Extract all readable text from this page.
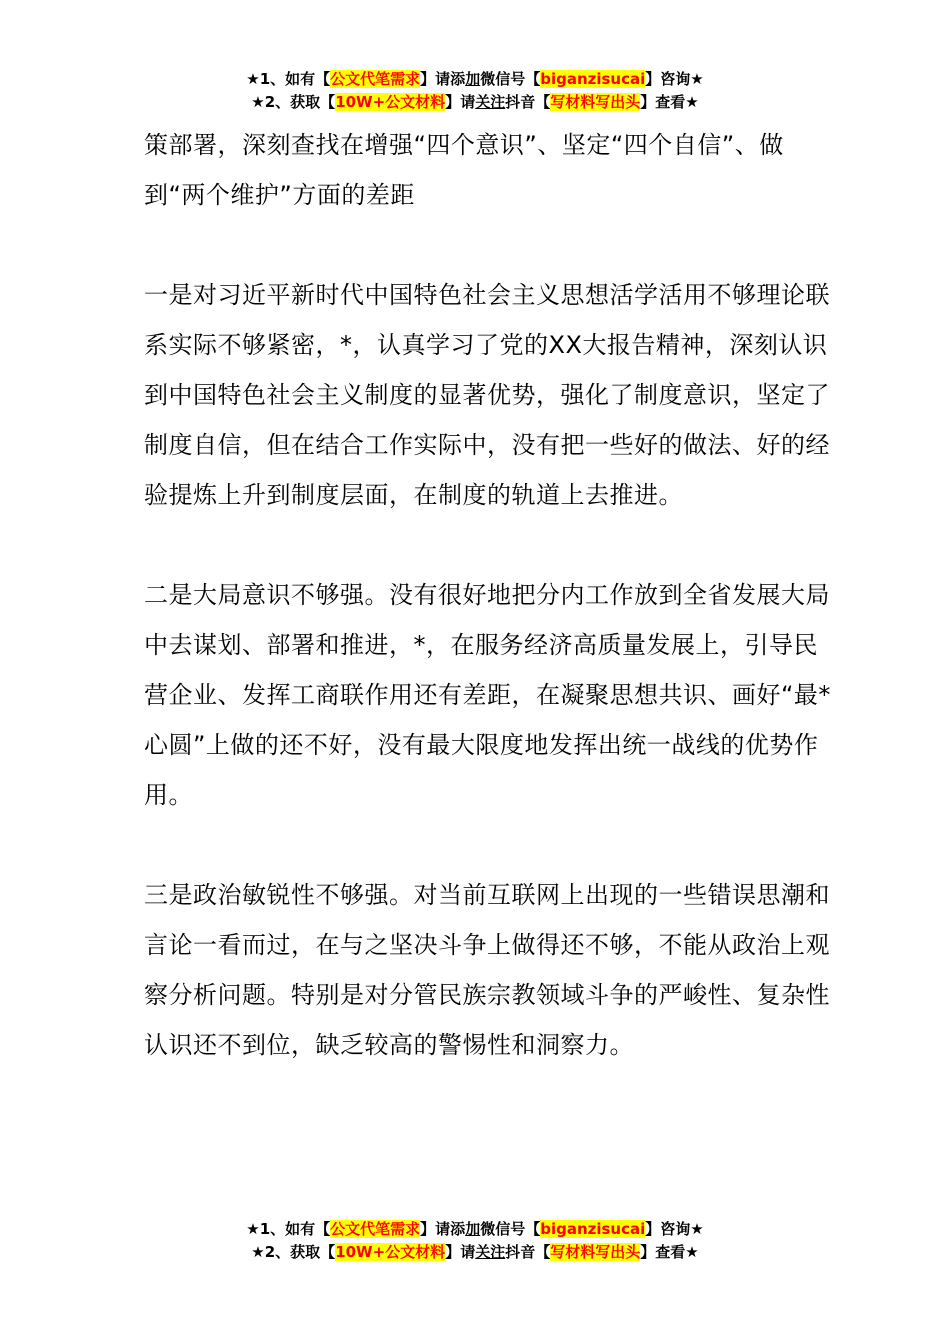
★1、如有【公文代笔需求】请添加微信号【biganzisucai】咨询★
★2、获取【10W+公文材料】请关注抖音【写材料写出头】查看★

策部署，深刻查找在增强“四个意识”、坚定“四个自信”、做到“两个维护”方面的差距

一是对习近平新时代中国特色社会主义思想活学活用不够理论联系实际不够紧密，*，认真学习了党的XX大报告精神，深刻认识到中国特色社会主义制度的显著优势，强化了制度意识，坚定了制度自信，但在结合工作实际中，没有把一些好的做法、好的经验提炼上升到制度层面，在制度的轨道上去推进。

二是大局意识不够强。没有很好地把分内工作放到全省发展大局中去谋划、部署和推进，*，在服务经济高质量发展上，引导民营企业、发挥工商联作用还有差距，在凝聚思想共识、画好“最*心圆”上做的还不好，没有最大限度地发挥出统一战线的优势作用。

三是政治敏锐性不够强。对当前互联网上出现的一些错误思潮和言论一看而过，在与之坚决斗争上做得还不够，不能从政治上观察分析问题。特别是对分管民族宗教领域斗争的严峻性、复杂性认识还不到位，缺乏较高的警惕性和洞察力。

★1、如有【公文代笔需求】请添加微信号【biganzisucai】咨询★
★2、获取【10W+公文材料】请关注抖音【写材料写出头】查看★
